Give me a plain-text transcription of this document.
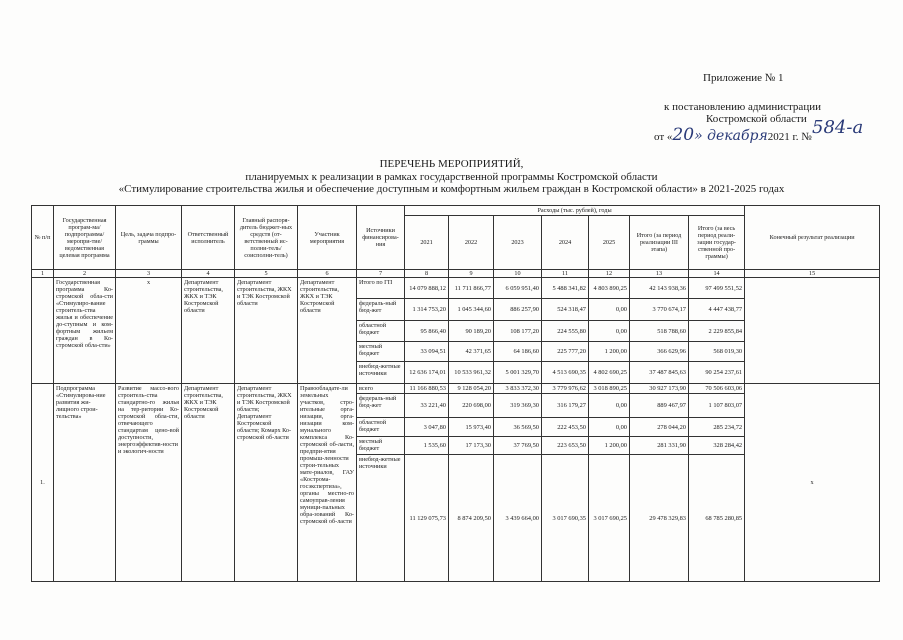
Приложение № 1
к постановлению администрации
Костромской области
от «20» декабря2021 г. № 584-а
ПЕРЕЧЕНЬ МЕРОПРИЯТИЙ,
планируемых к реализации в рамках государственной программы Костромской области
«Стимулирование строительства жилья и обеспечение доступным и комфортным жильем граждан в Костромской области» в 2021-2025 годах
№ п/п	Государственная програм-ма/подпрограмма/ меропри-тие/ведомственная целевая программа	Цель, задача подпро-граммы	Ответственный исполнитель	Главный распоря-дитель бюджет-ных средств (от-ветственный ис-полни-тель/соисполни-тель)	Участник мероприятия	Источники финансирова-ния	Расходы (тыс. рублей), годы							Конечный результат реализации
							2021	2022	2023	2024	2025	Итого (за период реализации III этапа)	Итого (за весь период реали-зации государ-ственной про-граммы)	
1	2	3	4	5	6	7	8	9	10	11	12	13	14	15
	Государственная программа Ко-стромской обла-сти «Стимулиро-вание строитель-ства жилья и обеспечение до-ступным и ком-фортным жильем граждан в Ко-стромской обла-сти»	х	Департамент строительства, ЖКХ и ТЭК Костромской области	Департамент строительства, ЖКХ и ТЭК Костромской области	Департамент строительства, ЖКХ и ТЭК Костромской области	Итого по ГП	14 079 888,12	11 711 866,77	6 059 951,40	5 488 341,82	4 803 890,25	42 143 938,36	97 499 551,52	
						федераль-ный бюд-жет	1 314 753,20	1 045 344,60	886 257,90	524 318,47	0,00	3 770 674,17	4 447 438,77	
						областной бюджет	95 866,40	90 189,20	108 177,20	224 555,80	0,00	518 788,60	2 229 855,84	
						местный бюджет	33 094,51	42 371,65	64 186,60	225 777,20	1 200,00	366 629,96	568 019,30	
						внебюд-жетные источники	12 636 174,01	10 533 961,32	5 001 329,70	4 513 690,35	4 802 690,25	37 487 845,63	90 254 237,61	
1.	Подпрограмма «Стимулирова-ние развития жи-лищного строи-тельства»	Развитие массо-вого строитель-ства стандартно-го жилья на тер-ритории Ко-стромской обла-сти, отвечающего стандартам цено-вой доступности, энергоэффектив-ности и экологич-ности	Департамент строительства, ЖКХ и ТЭК Костромской области	Департамент строительства, ЖКХ и ТЭК Костромской области; Департамент Костромской области; Комарх Ко-стромской об-ласти	Правообладате-ли земельных участков, стро-ительные орга-низации, орга-низации ком-мунального комплекса Ко-стромской об-ласти, предпри-ятия промыш-ленности стрoи-тельных мате-риалов, ГАУ «Кострома-госэкспертиза», органы местно-го самоуправ-ления муници-пальных обра-зований Ко-стромской об-ласти	всего	11 166 880,53	9 128 054,20	3 833 372,30	3 779 976,62	3 018 890,25	30 927 173,90	70 506 603,06	х
						федераль-ный бюд-жет	33 221,40	220 698,00	319 369,30	316 179,27	0,00	889 467,97	1 107 803,07	
						областной бюджет	3 047,80	15 973,40	36 569,50	222 453,50	0,00	278 044,20	285 234,72	
						местный бюджет	1 535,60	17 173,30	37 769,50	223 653,50	1 200,00	281 331,90	328 284,42	
						внебюд-жетные источники	11 129 075,73	8 874 209,50	3 439 664,00	3 017 690,35	3 017 690,25	29 478 329,83	68 785 280,85	
